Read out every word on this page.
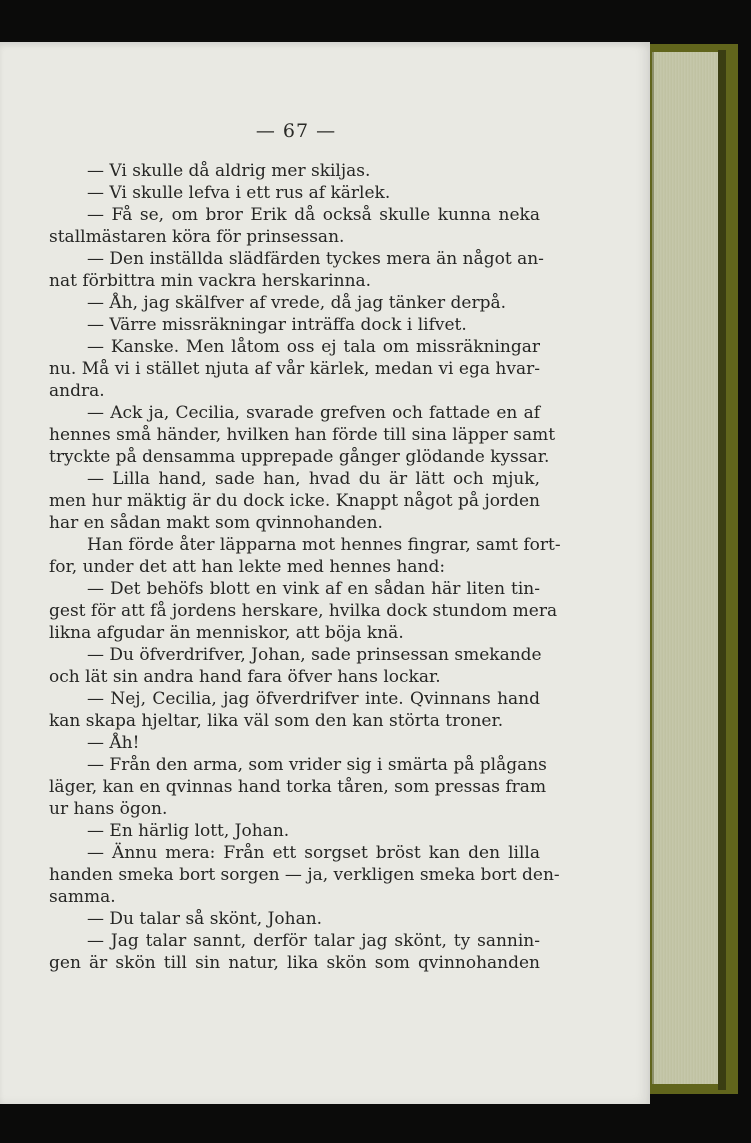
— 67 —
— Vi skulle då aldrig mer skiljas.
— Vi skulle lefva i ett rus af kärlek.
— Få se, om bror Erik då också skulle kunna neka
stallmästaren köra för prinsessan.
— Den inställda slädfärden tyckes mera än något an-
nat förbittra min vackra herskarinna.
— Åh, jag skälfver af vrede, då jag tänker derpå.
— Värre missräkningar inträffa dock i lifvet.
— Kanske. Men låtom oss ej tala om missräkningar
nu. Må vi i stället njuta af vår kärlek, medan vi ega hvar-
andra.
— Ack ja, Cecilia, svarade grefven och fattade en af
hennes små händer, hvilken han förde till sina läpper samt
tryckte på densamma upprepade gånger glödande kyssar.
— Lilla hand, sade han, hvad du är lätt och mjuk,
men hur mäktig är du dock icke. Knappt något på jorden
har en sådan makt som qvinnohanden.
Han förde åter läpparna mot hennes fingrar, samt fort-
for, under det att han lekte med hennes hand:
— Det behöfs blott en vink af en sådan här liten tin-
gest för att få jordens herskare, hvilka dock stundom mera
likna afgudar än menniskor, att böja knä.
— Du öfverdrifver, Johan, sade prinsessan smekande
och lät sin andra hand fara öfver hans lockar.
— Nej, Cecilia, jag öfverdrifver inte. Qvinnans hand
kan skapa hjeltar, lika väl som den kan störta troner.
— Åh!
— Från den arma, som vrider sig i smärta på plågans
läger, kan en qvinnas hand torka tåren, som pressas fram
ur hans ögon.
— En härlig lott, Johan.
— Ännu mera: Från ett sorgset bröst kan den lilla
handen smeka bort sorgen — ja, verkligen smeka bort den-
samma.
— Du talar så skönt, Johan.
— Jag talar sannt, derför talar jag skönt, ty sannin-
gen är skön till sin natur, lika skön som qvinnohanden
